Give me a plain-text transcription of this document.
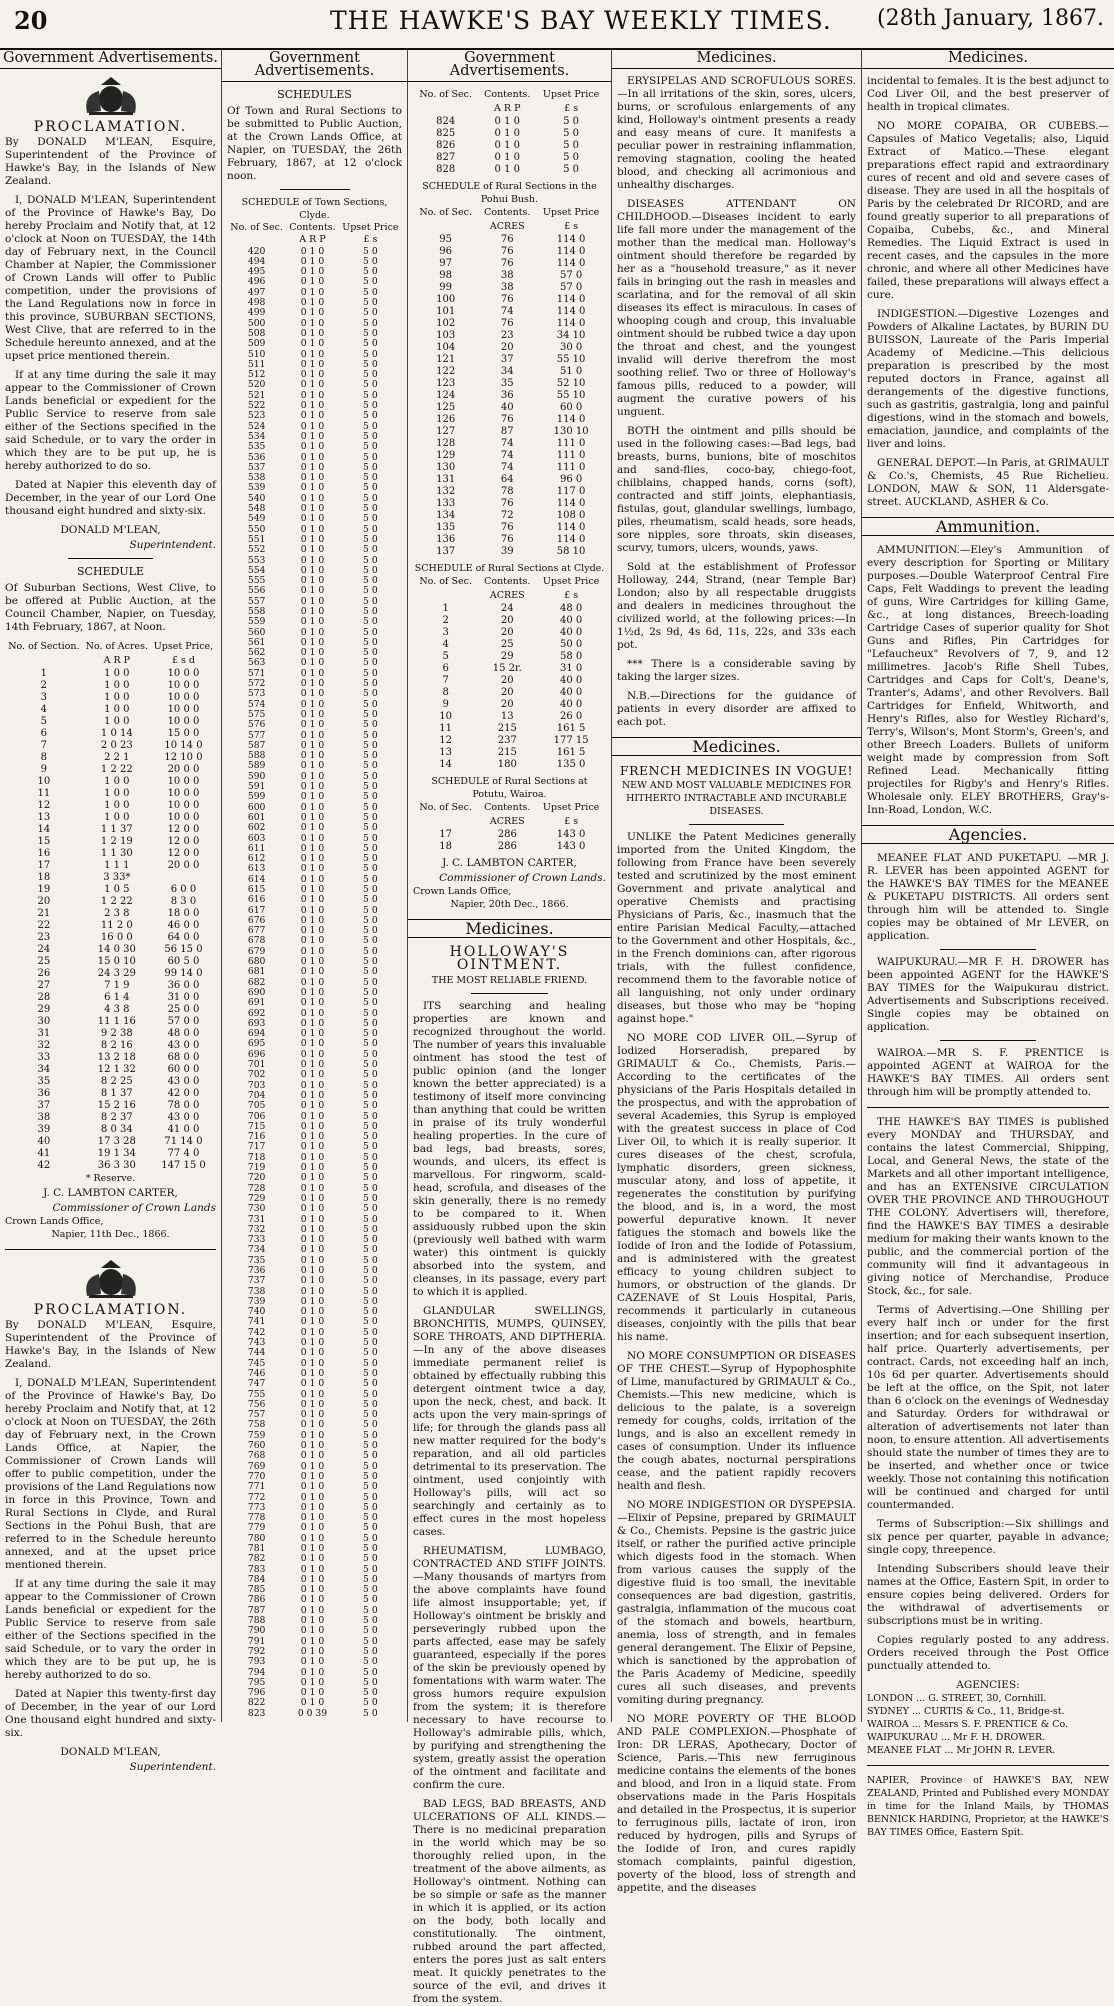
20	THE HAWKE'S BAY WEEKLY TIMES. (28th January, 1867.
Government Advertisements.
PROCLAMATION.

By DONALD M'LEAN, Esquire, Superintendent of the Province of Hawke's Bay, in the Islands of New Zealand.

I, DONALD M'LEAN, Superintendent of the Province of Hawke's Bay, Do hereby Proclaim and Notify that, at 12 o'clock at Noon on TUESDAY, the 14th day of February next, in the Council Chamber at Napier, the Commissioner of Crown Lands will offer to Public competition, under the provisions of the Land Regulations now in force in this province, SUBURBAN SECTIONS, West Clive, that are referred to in the Schedule hereunto annexed, and at the upset price mentioned therein.

If at any time during the sale it may appear to the Commissioner of Crown Lands beneficial or expedient for the Public Service to reserve from sale either of the Sections specified in the said Schedule, or to vary the order in which they are to be put up, he is hereby authorized to do so.

Dated at Napier this eleventh day of December, in the year of our Lord One thousand eight hundred and sixty-six.

DONALD M'LEAN,
Superintendent.
SCHEDULE

Of Suburban Sections, West Clive, to be offered at Public Auction, at the Council Chamber, Napier, on Tuesday, 14th February, 1867, at Noon.

No. of Section.	No. of Acres.	Upset Price,
	A R P	£ s d
1	1 0 0	10 0 0
2	1 0 0	10 0 0
3	1 0 0	10 0 0
4	1 0 0	10 0 0
5	1 0 0	10 0 0
6	1 0 14	15 0 0
7	2 0 23	10 14 0
8	2 2 1	12 10 0
9	1 2 22	20 0 0
10	1 0 0	10 0 0
11	1 0 0	10 0 0
12	1 0 0	10 0 0
13	1 0 0	10 0 0
14	1 1 37	12 0 0
15	1 2 19	12 0 0
16	1 1 30	12 0 0
17	1 1 1	20 0 0
18	3 33*	
19	1 0 5	6 0 0
20	1 2 22	8 3 0
21	2 3 8	18 0 0
22	11 2 0	46 0 0
23	16 0 0	64 0 0
24	14 0 30	56 15 0
25	15 0 10	60 5 0
26	24 3 29	99 14 0
27	7 1 9	36 0 0
28	6 1 4	31 0 0
29	4 3 8	25 0 0
30	11 1 16	57 0 0
31	9 2 38	48 0 0
32	8 2 16	43 0 0
33	13 2 18	68 0 0
34	12 1 32	60 0 0
35	8 2 25	43 0 0
36	8 1 37	42 0 0
37	15 2 16	78 0 0
38	8 2 37	43 0 0
39	8 0 34	41 0 0
40	17 3 28	71 14 0
41	19 1 34	77 4 0
42	36 3 30	147 15 0
* Reserve.
J. C. LAMBTON CARTER,
Commissioner of Crown Lands
Crown Lands Office,
Napier, 11th Dec., 1866.
PROCLAMATION.

By DONALD M'LEAN, Esquire, Superintendent of the Province of Hawke's Bay, in the Islands of New Zealand.

I, DONALD M'LEAN, Superintendent of the Province of Hawke's Bay, Do hereby Proclaim and Notify that, at 12 o'clock at Noon on TUESDAY, the 26th day of February next, in the Crown Lands Office, at Napier, the Commissioner of Crown Lands will offer to public competition, under the provisions of the Land Regulations now in force in this Province, Town and Rural Sections in Clyde, and Rural Sections in the Pohui Bush, that are referred to in the Schedule hereunto annexed, and at the upset price mentioned therein.

If at any time during the sale it may appear to the Commissioner of Crown Lands beneficial or expedient for the Public Service to reserve from sale either of the Sections specified in the said Schedule, or to vary the order in which they are to be put up, he is hereby authorized to do so.

Dated at Napier this twenty-first day of December, in the year of our Lord One thousand eight hundred and sixty-six.

DONALD M'LEAN,
Superintendent.
Government Advertisements.
SCHEDULES

Of Town and Rural Sections to be submitted to Public Auction, at the Crown Lands Office, at Napier, on TUESDAY, the 26th February, 1867, at 12 o'clock noon.

SCHEDULE of Town Sections, Clyde.
No. of Sec.	Contents.	Upset Price
	A R P	£ s
420	0 1 0	5 0
494	0 1 0	5 0
495	0 1 0	5 0
496	0 1 0	5 0
497	0 1 0	5 0
498	0 1 0	5 0
499	0 1 0	5 0
500	0 1 0	5 0
508	0 1 0	5 0
509	0 1 0	5 0
510	0 1 0	5 0
511	0 1 0	5 0
512	0 1 0	5 0
520	0 1 0	5 0
521	0 1 0	5 0
522	0 1 0	5 0
523	0 1 0	5 0
524	0 1 0	5 0
534	0 1 0	5 0
535	0 1 0	5 0
536	0 1 0	5 0
537	0 1 0	5 0
538	0 1 0	5 0
539	0 1 0	5 0
540	0 1 0	5 0
548	0 1 0	5 0
549	0 1 0	5 0
550	0 1 0	5 0
551	0 1 0	5 0
552	0 1 0	5 0
553	0 1 0	5 0
554	0 1 0	5 0
555	0 1 0	5 0
556	0 1 0	5 0
557	0 1 0	5 0
558	0 1 0	5 0
559	0 1 0	5 0
560	0 1 0	5 0
561	0 1 0	5 0
562	0 1 0	5 0
563	0 1 0	5 0
571	0 1 0	5 0
572	0 1 0	5 0
573	0 1 0	5 0
574	0 1 0	5 0
575	0 1 0	5 0
576	0 1 0	5 0
577	0 1 0	5 0
587	0 1 0	5 0
588	0 1 0	5 0
589	0 1 0	5 0
590	0 1 0	5 0
591	0 1 0	5 0
599	0 1 0	5 0
600	0 1 0	5 0
601	0 1 0	5 0
602	0 1 0	5 0
603	0 1 0	5 0
611	0 1 0	5 0
612	0 1 0	5 0
613	0 1 0	5 0
614	0 1 0	5 0
615	0 1 0	5 0
616	0 1 0	5 0
617	0 1 0	5 0
676	0 1 0	5 0
677	0 1 0	5 0
678	0 1 0	5 0
679	0 1 0	5 0
680	0 1 0	5 0
681	0 1 0	5 0
682	0 1 0	5 0
690	0 1 0	5 0
691	0 1 0	5 0
692	0 1 0	5 0
693	0 1 0	5 0
694	0 1 0	5 0
695	0 1 0	5 0
696	0 1 0	5 0
701	0 1 0	5 0
702	0 1 0	5 0
703	0 1 0	5 0
704	0 1 0	5 0
705	0 1 0	5 0
706	0 1 0	5 0
715	0 1 0	5 0
716	0 1 0	5 0
717	0 1 0	5 0
718	0 1 0	5 0
719	0 1 0	5 0
720	0 1 0	5 0
728	0 1 0	5 0
729	0 1 0	5 0
730	0 1 0	5 0
731	0 1 0	5 0
732	0 1 0	5 0
733	0 1 0	5 0
734	0 1 0	5 0
735	0 1 0	5 0
736	0 1 0	5 0
737	0 1 0	5 0
738	0 1 0	5 0
739	0 1 0	5 0
740	0 1 0	5 0
741	0 1 0	5 0
742	0 1 0	5 0
743	0 1 0	5 0
744	0 1 0	5 0
745	0 1 0	5 0
746	0 1 0	5 0
747	0 1 0	5 0
755	0 1 0	5 0
756	0 1 0	5 0
757	0 1 0	5 0
758	0 1 0	5 0
759	0 1 0	5 0
760	0 1 0	5 0
768	0 1 0	5 0
769	0 1 0	5 0
770	0 1 0	5 0
771	0 1 0	5 0
772	0 1 0	5 0
773	0 1 0	5 0
778	0 1 0	5 0
779	0 1 0	5 0
780	0 1 0	5 0
781	0 1 0	5 0
782	0 1 0	5 0
783	0 1 0	5 0
784	0 1 0	5 0
785	0 1 0	5 0
786	0 1 0	5 0
787	0 1 0	5 0
788	0 1 0	5 0
790	0 1 0	5 0
791	0 1 0	5 0
792	0 1 0	5 0
793	0 1 0	5 0
794	0 1 0	5 0
795	0 1 0	5 0
796	0 1 0	5 0
822	0 1 0	5 0
823	0 0 39	5 0
Government Advertisements.
No. of Sec.	Contents.	Upset Price
	A R P	£ s
824	0 1 0	5 0
825	0 1 0	5 0
826	0 1 0	5 0
827	0 1 0	5 0
828	0 1 0	5 0
SCHEDULE of Rural Sections in the Pohui Bush.
No. of Sec.	Contents.	Upset Price
	ACRES	£ s
95	76	114 0
96	76	114 0
97	76	114 0
98	38	57 0
99	38	57 0
100	76	114 0
101	74	114 0
102	76	114 0
103	23	34 10
104	20	30 0
121	37	55 10
122	34	51 0
123	35	52 10
124	36	55 10
125	40	60 0
126	76	114 0
127	87	130 10
128	74	111 0
129	74	111 0
130	74	111 0
131	64	96 0
132	78	117 0
133	76	114 0
134	72	108 0
135	76	114 0
136	76	114 0
137	39	58 10
SCHEDULE of Rural Sections at Clyde.
No. of Sec.	Contents.	Upset Price
	ACRES	£ s
1	24	48 0
2	20	40 0
3	20	40 0
4	25	50 0
5	29	58 0
6	15 2r.	31 0
7	20	40 0
8	20	40 0
9	20	40 0
10	13	26 0
11	215	161 5
12	237	177 15
13	215	161 5
14	180	135 0
SCHEDULE of Rural Sections at Potutu, Wairoa.
No. of Sec.	Contents.	Upset Price
	ACRES	£ s
17	286	143 0
18	286	143 0
J. C. LAMBTON CARTER,
Commissioner of Crown Lands.
Crown Lands Office,
Napier, 20th Dec., 1866.
Medicines.
HOLLOWAY'S OINTMENT.
THE MOST RELIABLE FRIEND.

ITS searching and healing properties are known and recognized throughout the world. The number of years this invaluable ointment has stood the test of public opinion (and the longer known the better appreciated) is a testimony of itself more convincing than anything that could be written in praise of its truly wonderful healing properties. In the cure of bad legs, bad breasts, sores, wounds, and ulcers, its effect is marvellous. For ringworm, scald-head, scrofula, and diseases of the skin generally, there is no remedy to be compared to it. When assiduously rubbed upon the skin (previously well bathed with warm water) this ointment is quickly absorbed into the system, and cleanses, in its passage, every part to which it is applied.

GLANDULAR SWELLINGS, BRONCHITIS, MUMPS, QUINSEY, SORE THROATS, AND DIPTHERIA.—In any of the above diseases immediate permanent relief is obtained by effectually rubbing this detergent ointment twice a day, upon the neck, chest, and back. It acts upon the very main-springs of life; for through the glands pass all new matter required for the body's reparation, and all old particles detrimental to its preservation. The ointment, used conjointly with Holloway's pills, will act so searchingly and certainly as to effect cures in the most hopeless cases.

RHEUMATISM, LUMBAGO, CONTRACTED AND STIFF JOINTS.—Many thousands of martyrs from the above complaints have found life almost insupportable; yet, if Holloway's ointment be briskly and perseveringly rubbed upon the parts affected, ease may be safely guaranteed, especially if the pores of the skin be previously opened by fomentations with warm water. The gross humors require expulsion from the system; it is therefore necessary to have recourse to Holloway's admirable pills, which, by purifying and strengthening the system, greatly assist the operation of the ointment and facilitate and confirm the cure.

BAD LEGS, BAD BREASTS, AND ULCERATIONS OF ALL KINDS.—There is no medicinal preparation in the world which may be so thoroughly relied upon, in the treatment of the above ailments, as Holloway's ointment. Nothing can be so simple or safe as the manner in which it is applied, or its action on the body, both locally and constitutionally. The ointment, rubbed around the part affected, enters the pores just as salt enters meat. It quickly penetrates to the source of the evil, and drives it from the system.

Medicines.

ERYSIPELAS AND SCROFULOUS SORES.—In all irritations of the skin, sores, ulcers, burns, or scrofulous enlargements of any kind, Holloway's ointment presents a ready and easy means of cure. It manifests a peculiar power in restraining inflammation, removing stagnation, cooling the heated blood, and checking all acrimonious and unhealthy discharges.

DISEASES ATTENDANT ON CHILDHOOD.—Diseases incident to early life fall more under the management of the mother than the medical man. Holloway's ointment should therefore be regarded by her as a "household treasure," as it never fails in bringing out the rash in measles and scarlatina, and for the removal of all skin diseases its effect is miraculous. In cases of whooping cough and croup, this invaluable ointment should be rubbed twice a day upon the throat and chest, and the youngest invalid will derive therefrom the most soothing relief. Two or three of Holloway's famous pills, reduced to a powder, will augment the curative powers of his unguent.

BOTH the ointment and pills should be used in the following cases:—Bad legs, bad breasts, burns, bunions, bite of moschitos and sand-flies, coco-bay, chiego-foot, chilblains, chapped hands, corns (soft), contracted and stiff joints, elephantiasis, fistulas, gout, glandular swellings, lumbago, piles, rheumatism, scald heads, sore heads, sore nipples, sore throats, skin diseases, scurvy, tumors, ulcers, wounds, yaws.

Sold at the establishment of Professor Holloway, 244, Strand, (near Temple Bar) London; also by all respectable druggists and dealers in medicines throughout the civilized world, at the following prices:—In 1½d, 2s 9d, 4s 6d, 11s, 22s, and 33s each pot.

*** There is a considerable saving by taking the larger sizes.

N.B.—Directions for the guidance of patients in every disorder are affixed to each pot.

Medicines.
FRENCH MEDICINES IN VOGUE!
NEW AND MOST VALUABLE MEDICINES FOR HITHERTO INTRACTABLE AND INCURABLE DISEASES.

UNLIKE the Patent Medicines generally imported from the United Kingdom, the following from France have been severely tested and scrutinized by the most eminent Government and private analytical and operative Chemists and practising Physicians of Paris, &c., inasmuch that the entire Parisian Medical Faculty,—attached to the Government and other Hospitals, &c., in the French dominions can, after rigorous trials, with the fullest confidence, recommend them to the favorable notice of all languishing, not only under ordinary diseases, but those who may be "hoping against hope."

NO MORE COD LIVER OIL.—Syrup of Iodized Horseradish, prepared by GRIMAULT & Co., Chemists, Paris.—According to the certificates of the physicians of the Paris Hospitals detailed in the prospectus, and with the approbation of several Academies, this Syrup is employed with the greatest success in place of Cod Liver Oil, to which it is really superior. It cures diseases of the chest, scrofula, lymphatic disorders, green sickness, muscular atony, and loss of appetite, it regenerates the constitution by purifying the blood, and is, in a word, the most powerful depurative known. It never fatigues the stomach and bowels like the Iodide of Iron and the Iodide of Potassium, and is administered with the greatest efficacy to young children subject to humors, or obstruction of the glands. Dr CAZENAVE of St Louis Hospital, Paris, recommends it particularly in cutaneous diseases, conjointly with the pills that bear his name.

NO MORE CONSUMPTION OR DISEASES OF THE CHEST.—Syrup of Hypophosphite of Lime, manufactured by GRIMAULT & Co., Chemists.—This new medicine, which is delicious to the palate, is a sovereign remedy for coughs, colds, irritation of the lungs, and is also an excellent remedy in cases of consumption. Under its influence the cough abates, nocturnal perspirations cease, and the patient rapidly recovers health and flesh.

NO MORE INDIGESTION OR DYSPEPSIA.—Elixir of Pepsine, prepared by GRIMAULT & Co., Chemists. Pepsine is the gastric juice itself, or rather the purified active principle which digests food in the stomach. When from various causes the supply of the digestive fluid is too small, the inevitable consequences are bad digestion, gastritis, gastralgia, inflammation of the mucous coat of the stomach and bowels, heartburn, anemia, loss of strength, and in females general derangement. The Elixir of Pepsine, which is sanctioned by the approbation of the Paris Academy of Medicine, speedily cures all such diseases, and prevents vomiting during pregnancy.

NO MORE POVERTY OF THE BLOOD AND PALE COMPLEXION.—Phosphate of Iron: DR LERAS, Apothecary, Doctor of Science, Paris.—This new ferruginous medicine contains the elements of the bones and blood, and Iron in a liquid state. From observations made in the Paris Hospitals and detailed in the Prospectus, it is superior to ferruginous pills, lactate of iron, iron reduced by hydrogen, pills and Syrups of the Iodide of Iron, and cures rapidly stomach complaints, painful digestion, poverty of the blood, loss of strength and appetite, and the diseases

Medicines.

incidental to females. It is the best adjunct to Cod Liver Oil, and the best preserver of health in tropical climates.

NO MORE COPAIBA, OR CUBEBS.—Capsules of Matico Vegetalis; also, Liquid Extract of Matico.—These elegant preparations effect rapid and extraordinary cures of recent and old and severe cases of disease. They are used in all the hospitals of Paris by the celebrated Dr RICORD, and are found greatly superior to all preparations of Copaiba, Cubebs, &c., and Mineral Remedies. The Liquid Extract is used in recent cases, and the capsules in the more chronic, and where all other Medicines have failed, these preparations will always effect a cure.

INDIGESTION.—Digestive Lozenges and Powders of Alkaline Lactates, by BURIN DU BUISSON, Laureate of the Paris Imperial Academy of Medicine.—This delicious preparation is prescribed by the most reputed doctors in France, against all derangements of the digestive functions, such as gastritis, gastralgia, long and painful digestions, wind in the stomach and bowels, emaciation, jaundice, and complaints of the liver and loins.

GENERAL DEPOT.—In Paris, at GRIMAULT & Co.'s, Chemists, 45 Rue Richelieu. LONDON, MAW & SON, 11 Aldersgate-street. AUCKLAND, ASHER & Co.

Ammunition.

AMMUNITION.—Eley's Ammunition of every description for Sporting or Military purposes.—Double Waterproof Central Fire Caps, Felt Waddings to prevent the leading of guns, Wire Cartridges for killing Game, &c., at long distances, Breech-loading Cartridge Cases of superior quality for Shot Guns and Rifles, Pin Cartridges for "Lefaucheux" Revolvers of 7, 9, and 12 millimetres. Jacob's Rifle Shell Tubes, Cartridges and Caps for Colt's, Deane's, Tranter's, Adams', and other Revolvers. Ball Cartridges for Enfield, Whitworth, and Henry's Rifles, also for Westley Richard's, Terry's, Wilson's, Mont Storm's, Green's, and other Breech Loaders. Bullets of uniform weight made by compression from Soft Refined Lead. Mechanically fitting projectiles for Rigby's and Henry's Rifles. Wholesale only. ELEY BROTHERS, Gray's-Inn-Road, London, W.C.

Agencies.

MEANEE FLAT AND PUKETAPU. —MR J. R. LEVER has been appointed AGENT for the HAWKE'S BAY TIMES for the MEANEE & PUKETAPU DISTRICTS. All orders sent through him will be attended to. Single copies may be obtained of Mr LEVER, on application.

WAIPUKURAU.—MR F. H. DROWER has been appointed AGENT for the HAWKE'S BAY TIMES for the Waipukurau district. Advertisements and Subscriptions received. Single copies may be obtained on application.

WAIROA.—MR S. F. PRENTICE is appointed AGENT at WAIROA for the HAWKE'S BAY TIMES. All orders sent through him will be promptly attended to.

THE HAWKE'S BAY TIMES is published every MONDAY and THURSDAY, and contains the latest Commercial, Shipping, Local, and General News, the state of the Markets and all other important intelligence, and has an EXTENSIVE CIRCULATION OVER THE PROVINCE AND THROUGHOUT THE COLONY. Advertisers will, therefore, find the HAWKE'S BAY TIMES a desirable medium for making their wants known to the public, and the commercial portion of the community will find it advantageous in giving notice of Merchandise, Produce Stock, &c., for sale.

Terms of Advertising.—One Shilling per every half inch or under for the first insertion; and for each subsequent insertion, half price. Quarterly advertisements, per contract. Cards, not exceeding half an inch, 10s 6d per quarter. Advertisements should be left at the office, on the Spit, not later than 6 o'clock on the evenings of Wednesday and Saturday. Orders for withdrawal or alteration of advertisements not later than noon, to ensure attention. All advertisements should state the number of times they are to be inserted, and whether once or twice weekly. Those not containing this notification will be continued and charged for until countermanded.

Terms of Subscription:—Six shillings and six pence per quarter, payable in advance; single copy, threepence.

Intending Subscribers should leave their names at the Office, Eastern Spit, in order to ensure copies being delivered. Orders for the withdrawal of advertisements or subscriptions must be in writing.

Copies regularly posted to any address. Orders received through the Post Office punctually attended to.

AGENCIES:
LONDON ... G. STREET, 30, Cornhill.
SYDNEY ... CURTIS & Co., 11, Bridge-st.
WAIROA ... Messrs S. F. PRENTICE & Co.
WAIPUKURAU ... Mr F. H. DROWER.
MEANEE FLAT ... Mr JOHN R. LEVER.

NAPIER, Province of HAWKE'S BAY, NEW ZEALAND, Printed and Published every MONDAY in time for the Inland Mails, by THOMAS BENNICK HARDING, Proprietor, at the HAWKE'S BAY TIMES Office, Eastern Spit.
